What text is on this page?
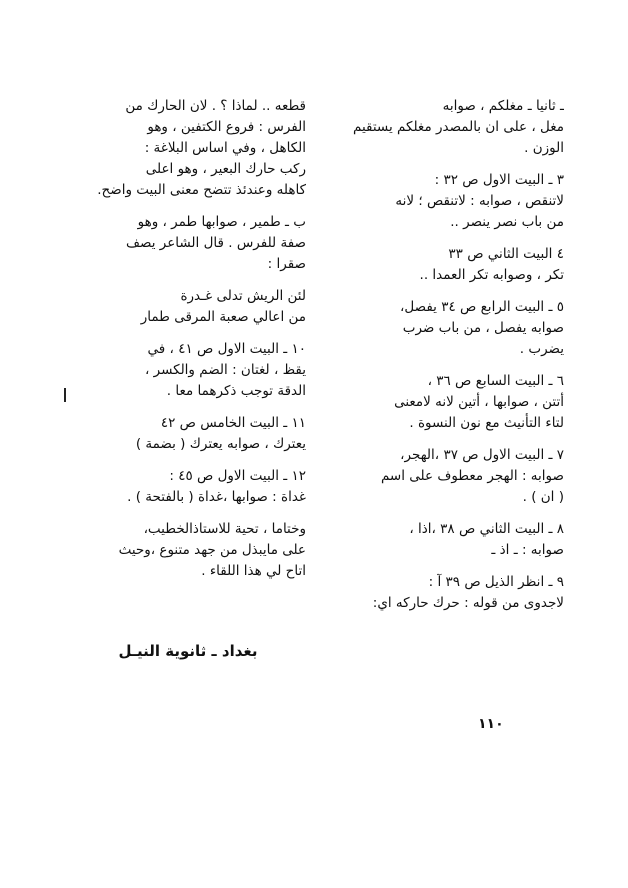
ـ ثانيا ـ مغلكم ، صوابه
مغل ، على ان بالمصدر مغلكم يستقيم
الوزن .
٣ ـ البيت الاول ص ٣٢ :
لاتنقص ، صوابه : لاتنقص ؛ لانه
من باب نصر ينصر ..
٤ البيت الثاني ص ٣٣
تكر ، وصوابه تكر العمدا ..
٥ ـ البيت الرابع ص ٣٤ يفصل،
صوابه يفصل ، من باب ضرب
يضرب .
٦ ـ البيت السابع ص ٣٦ ،
أتتن ، صوابها ، أتين لانه لامعنى
لتاء التأنيث مع نون النسوة .
٧ ـ البيت الاول ص ٣٧ ،الهجر،
صوابه : الهجر معطوف على اسم
( ان ) .
٨ ـ البيت الثاني ص ٣٨ ،اذا ،
صوابه : ـ اذ ـ
٩ ـ انظر الذيل ص ٣٩ آ :
لاجدوى من قوله : حرك حاركه اي:
قطعه .. لماذا ؟ . لان الحارك من
الفرس : فروع الكتفين ، وهو
الكاهل ، وفي اساس البلاغة :
ركب حارك البعير ، وهو اعلى
كاهله وعندئذ تتضح معنى البيت واضح.
ب ـ طمير ، صوابها طمر ، وهو
صفة للفرس . قال الشاعر يصف
صقرا :
لئن الريش تدلى غـدرة
من اعالي صعبة المرقى طمار
١٠ ـ البيت الاول ص ٤١ ، في
يقظ ، لغتان : الضم والكسر ،
الدقة توجب ذكرهما معا .
١١ ـ البيت الخامس ص ٤٢
يعترك ، صوابه يعترك ( بضمة )
١٢ ـ البيت الاول ص ٤٥ :
غداة : صوابها ،غداة ( بالفتحة ) .
وختاما ، تحية للاستاذالخطيب،
على مايبذل من جهد متنوع ،وحيث
اتاح لي هذا اللقاء .
بغداد ـ ثانوية النيـل
١١٠
